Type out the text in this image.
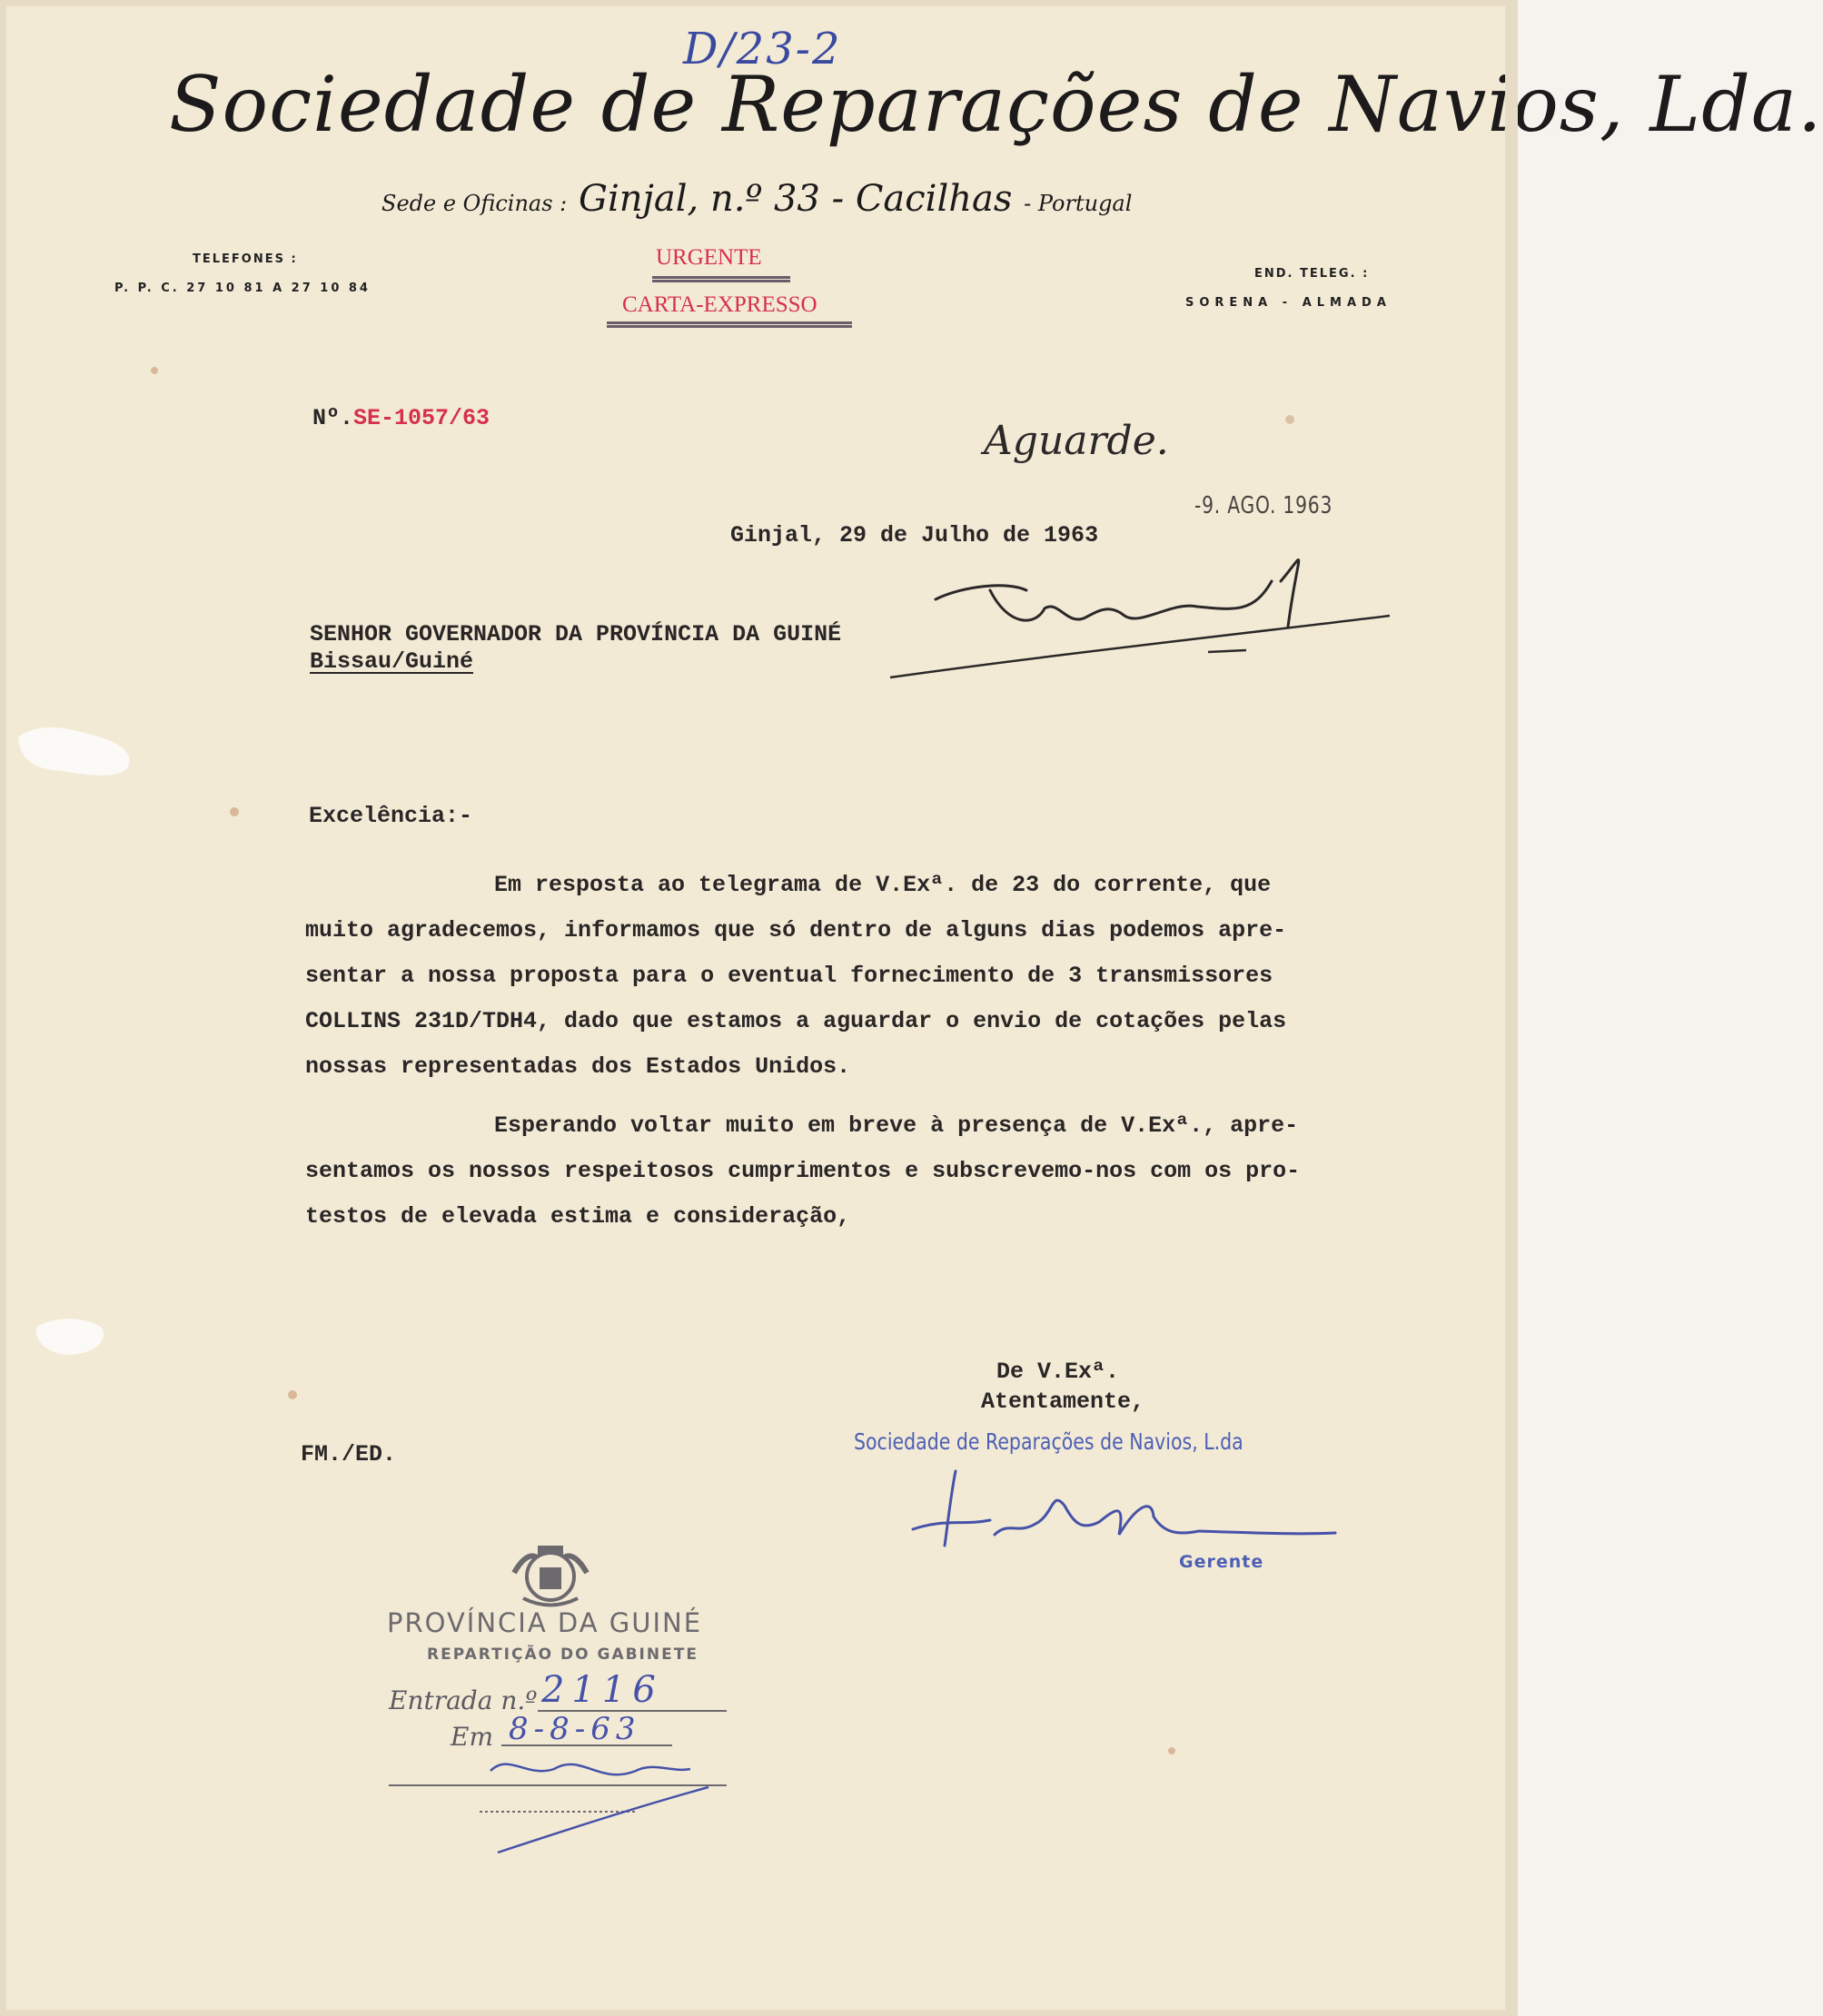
D/23-2
Sociedade de Reparações de Navios, Lda.
Sede e Oficinas : Ginjal, n.º 33 - Cacilhas - Portugal
TELEFONES :
P. P. C. 27 10 81 A 27 10 84
END. TELEG. :
SORENA - ALMADA
URGENTE
CARTA-EXPRESSO
Nº.SE-1057/63	Aguarde.
-9. AGO. 1963
Ginjal, 29 de Julho de 1963
SENHOR GOVERNADOR DA PROVÍNCIA DA GUINÉ
Bissau/Guiné
Excelência:-

Em resposta ao telegrama de V.Exª. de 23 do corrente, que

muito agradecemos, informamos que só dentro de alguns dias podemos apre-

sentar a nossa proposta para o eventual fornecimento de 3 transmissores

COLLINS 231D/TDH4, dado que estamos a aguardar o envio de cotações pelas

nossas representadas dos Estados Unidos.

Esperando voltar muito em breve à presença de V.Exª., apre-

sentamos os nossos respeitosos cumprimentos e subscrevemo-nos com os pro-

testos de elevada estima e consideração,

De V.Exª.
Atentamente,
FM./ED.	Sociedade de Reparações de Navios, L.da
Gerente
PROVÍNCIA DA GUINÉ
REPARTIÇÃO DO GABINETE
Entrada n.º 2116
Em 8-8-63
